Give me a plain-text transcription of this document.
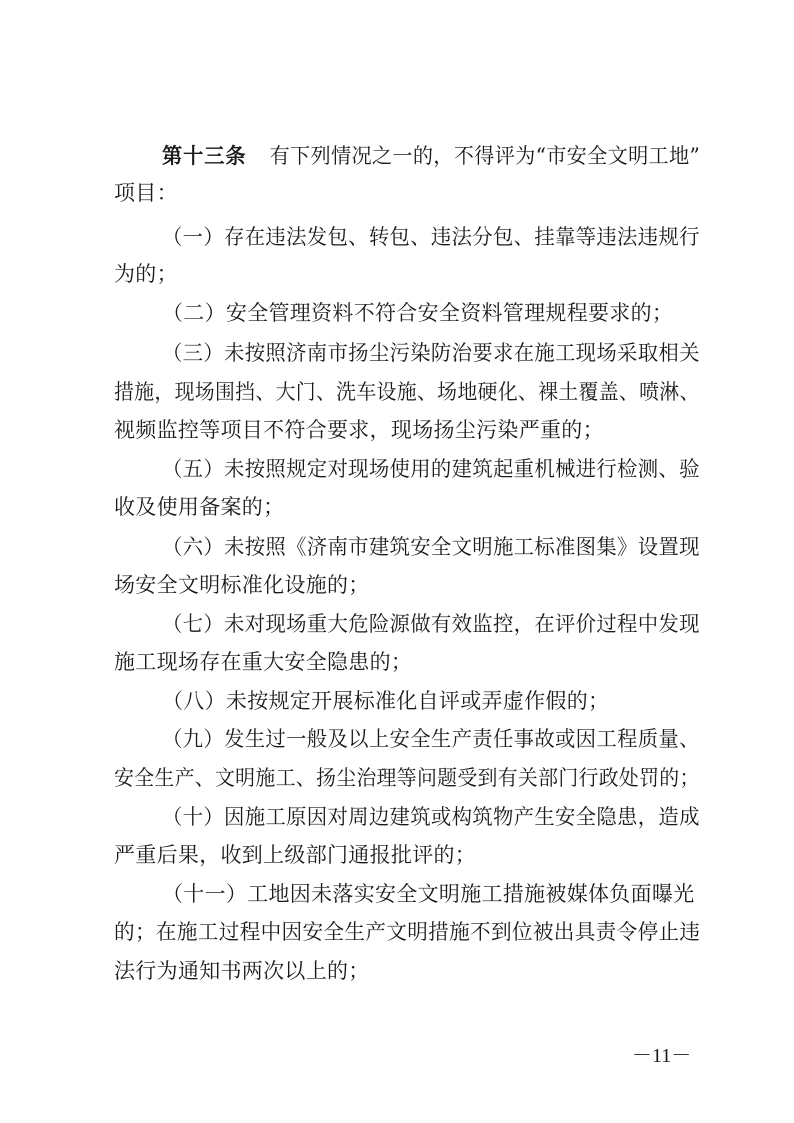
第十三条 有下列情况之一的，不得评为“市安全文明工地”
项目：
（一）存在违法发包、转包、违法分包、挂靠等违法违规行
为的；
（二）安全管理资料不符合安全资料管理规程要求的；
（三）未按照济南市扬尘污染防治要求在施工现场采取相关
措施，现场围挡、大门、洗车设施、场地硬化、裸土覆盖、喷淋、
视频监控等项目不符合要求，现场扬尘污染严重的；
（五）未按照规定对现场使用的建筑起重机械进行检测、验
收及使用备案的；
（六）未按照《济南市建筑安全文明施工标准图集》设置现
场安全文明标准化设施的；
（七）未对现场重大危险源做有效监控，在评价过程中发现
施工现场存在重大安全隐患的；
（八）未按规定开展标准化自评或弄虚作假的；
（九）发生过一般及以上安全生产责任事故或因工程质量、
安全生产、文明施工、扬尘治理等问题受到有关部门行政处罚的；
（十）因施工原因对周边建筑或构筑物产生安全隐患，造成
严重后果，收到上级部门通报批评的；
（十一）工地因未落实安全文明施工措施被媒体负面曝光
的；在施工过程中因安全生产文明措施不到位被出具责令停止违
法行为通知书两次以上的；
－11－
